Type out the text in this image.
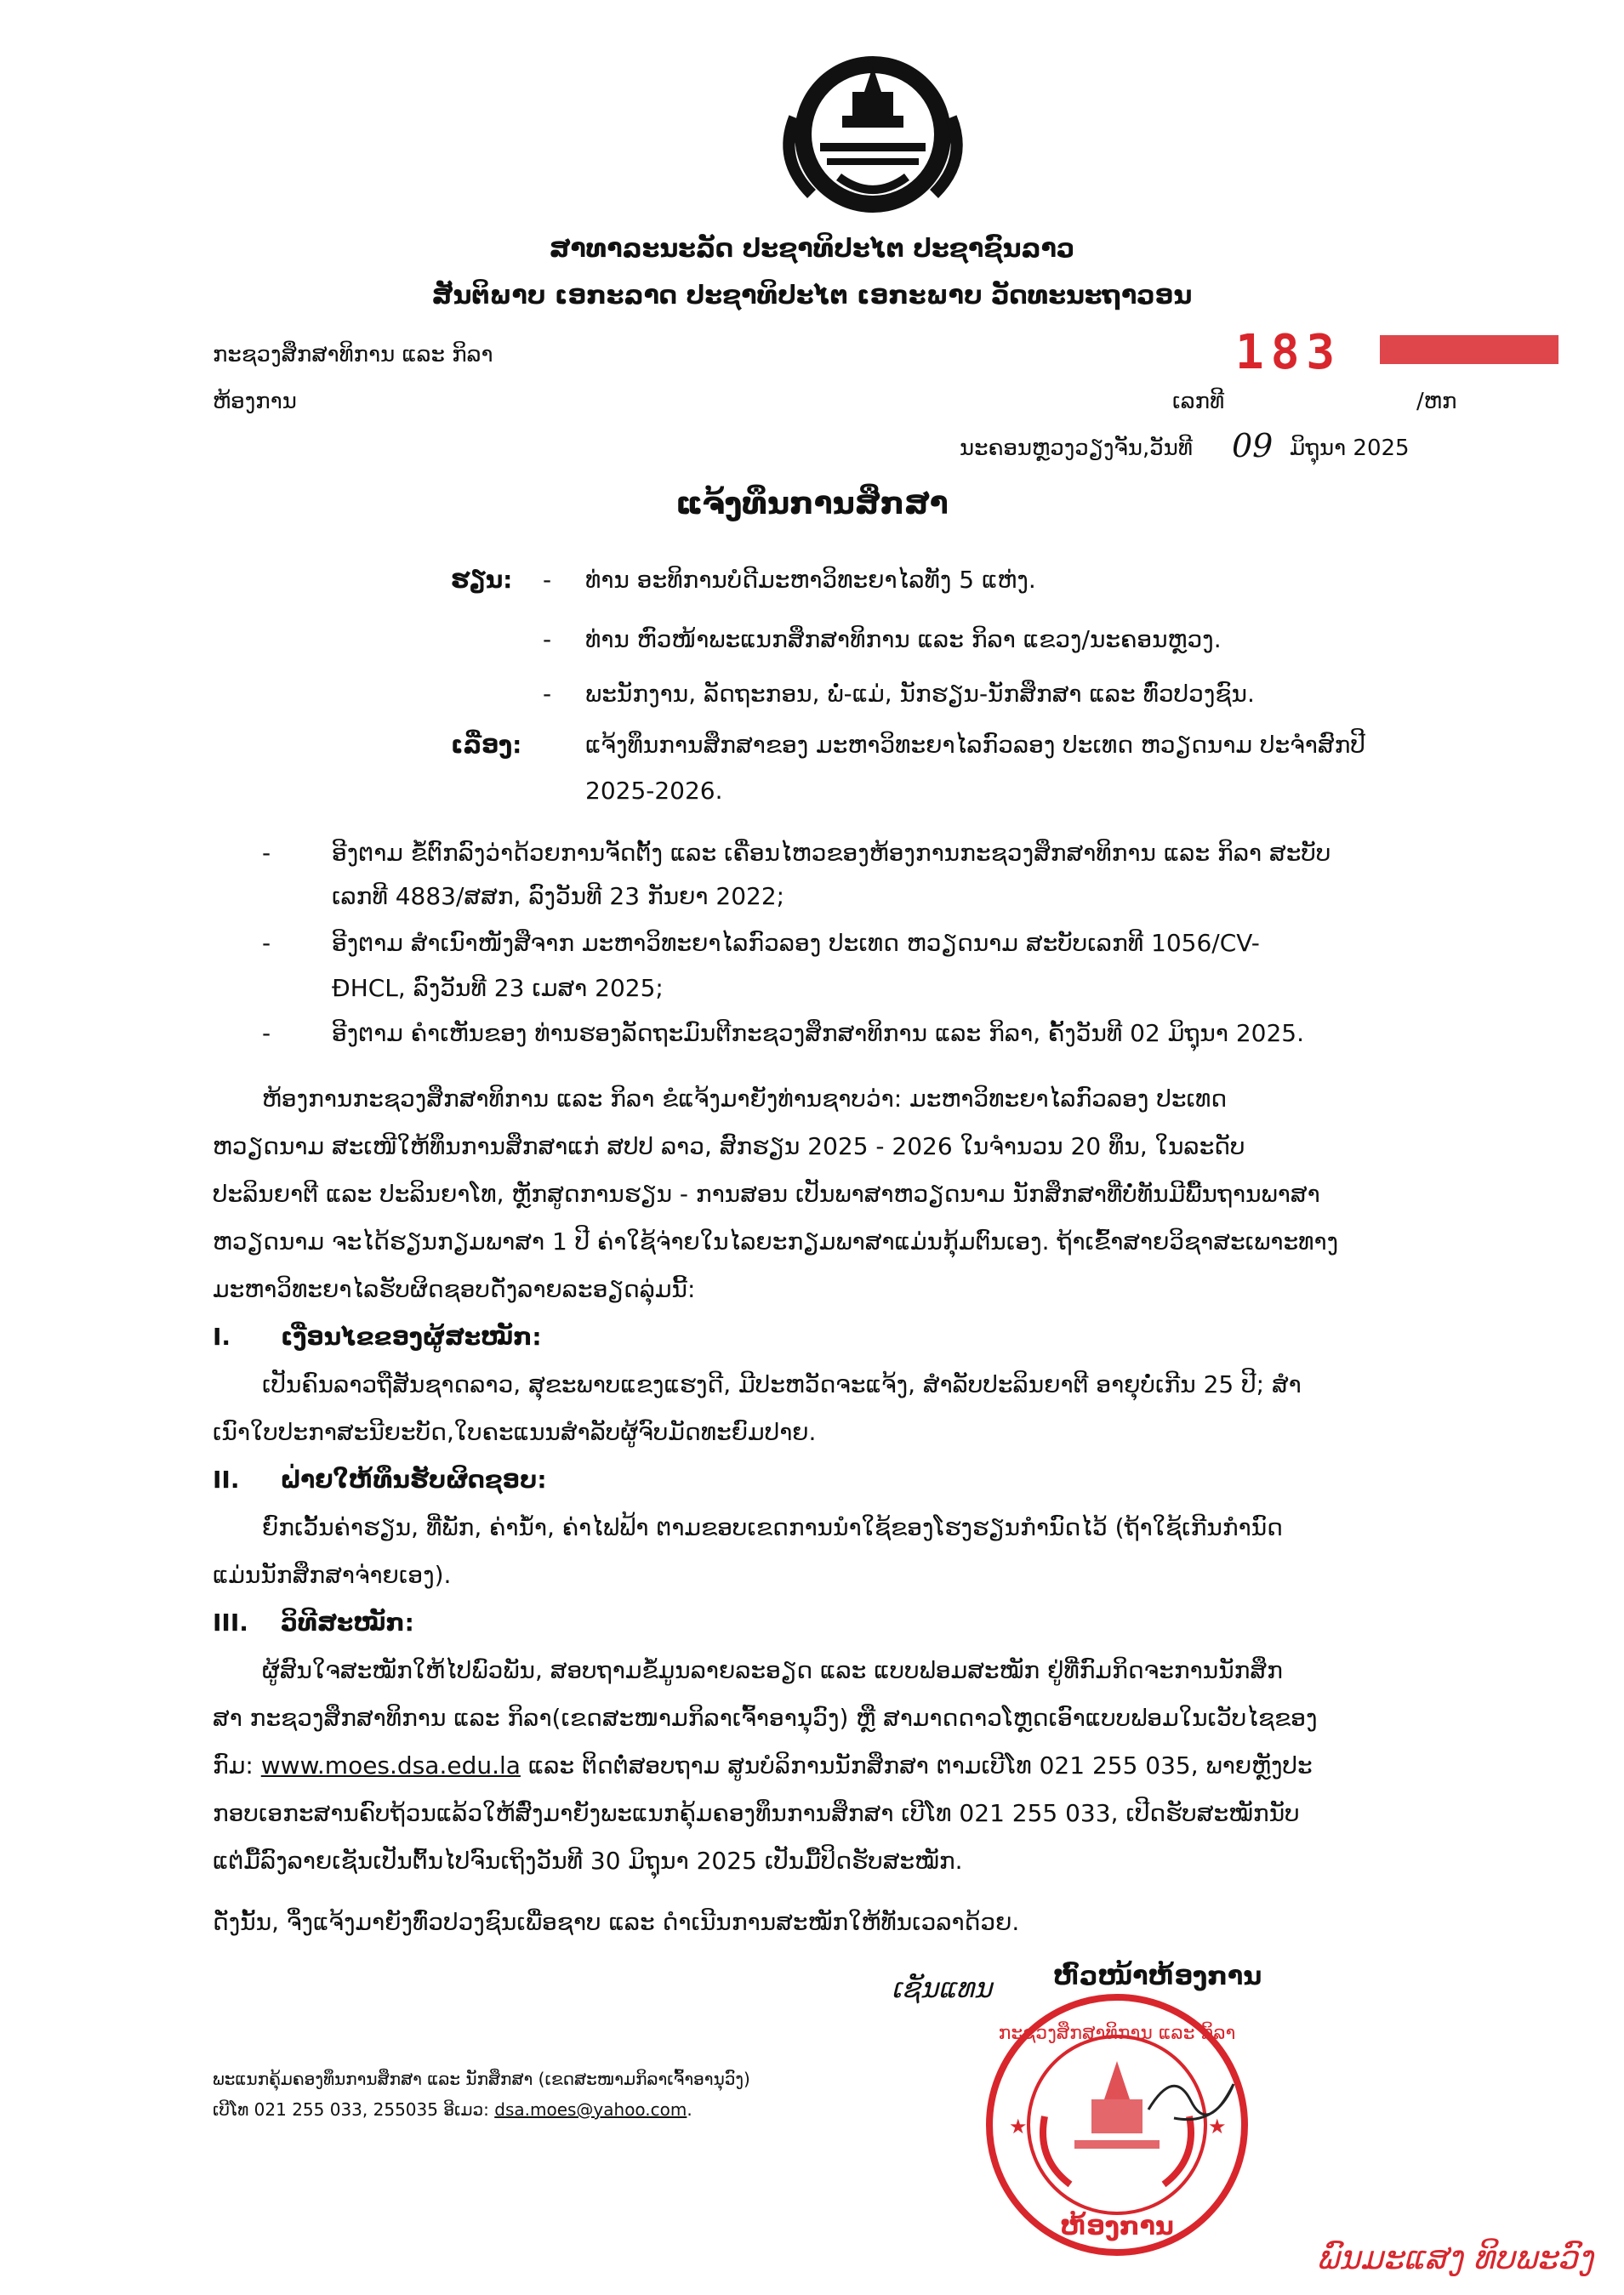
ສາທາລະນະລັດ ປະຊາທິປະໄຕ ປະຊາຊົນລາວ
ສັນຕິພາບ ເອກະລາດ ປະຊາທິປະໄຕ ເອກະພາບ ວັດທະນະຖາວອນ
ກະຊວງສຶກສາທິການ ແລະ ກິລາ
ຫ້ອງການ
183
ເລກທີ	/ຫກ
ນະຄອນຫຼວງວຽງຈັນ,ວັນທີ 09 ມິຖຸນາ 2025
ແຈ້ງທຶນການສຶກສາ
ຮຽນ: - ທ່ານ ອະທິການບໍດີມະຫາວິທະຍາໄລທັງ 5 ແຫ່ງ.
- ທ່ານ ຫົວໜ້າພະແນກສຶກສາທິການ ແລະ ກິລາ ແຂວງ/ນະຄອນຫຼວງ.
- ພະນັກງານ, ລັດຖະກອນ, ພໍ່-ແມ່, ນັກຮຽນ-ນັກສຶກສາ ແລະ ທົ່ວປວງຊົນ.
ເລື່ອງ:	ແຈ້ງທຶນການສຶກສາຂອງ ມະຫາວິທະຍາໄລກົວລອງ ປະເທດ ຫວຽດນາມ ປະຈຳສົກປີ
2025-2026.
-	ອີງຕາມ ຂໍ້ຕົກລົງວ່າດ້ວຍການຈັດຕັ້ງ ແລະ ເຄື່ອນໄຫວຂອງຫ້ອງການກະຊວງສຶກສາທິການ ແລະ ກິລາ ສະບັບ
ເລກທີ 4883/ສສກ, ລົງວັນທີ 23 ກັນຍາ 2022;
-	ອີງຕາມ ສຳເນົາໜັງສືຈາກ ມະຫາວິທະຍາໄລກົວລອງ ປະເທດ ຫວຽດນາມ ສະບັບເລກທີ 1056/CV-
ĐHCL, ລົງວັນທີ 23 ເມສາ 2025;
-	ອີງຕາມ ຄຳເຫັນຂອງ ທ່ານຮອງລັດຖະມົນຕີກະຊວງສຶກສາທິການ ແລະ ກິລາ, ຄັ້ງວັນທີ 02 ມິຖຸນາ 2025.
ຫ້ອງການກະຊວງສຶກສາທິການ ແລະ ກິລາ ຂໍແຈ້ງມາຍັງທ່ານຊາບວ່າ: ມະຫາວິທະຍາໄລກົວລອງ ປະເທດ
ຫວຽດນາມ ສະເໜີໃຫ້ທຶນການສຶກສາແກ່ ສປປ ລາວ, ສົກຮຽນ 2025 - 2026 ໃນຈຳນວນ 20 ທຶນ, ໃນລະດັບ
ປະລິນຍາຕີ ແລະ ປະລິນຍາໂທ, ຫຼັກສູດການຮຽນ - ການສອນ ເປັນພາສາຫວຽດນາມ ນັກສຶກສາທີ່ບໍ່ທັນມີພື້ນຖານພາສາ
ຫວຽດນາມ ຈະໄດ້ຮຽນກຽມພາສາ 1 ປີ ຄ່າໃຊ້ຈ່າຍໃນໄລຍະກຽມພາສາແມ່ນກຸ້ມຕົນເອງ. ຖ້າເຂົ້າສາຍວິຊາສະເພາະທາງ
ມະຫາວິທະຍາໄລຮັບຜິດຊອບດັ່ງລາຍລະອຽດລຸ່ມນີ້:
I. ເງື່ອນໄຂຂອງຜູ້ສະໝັກ:
ເປັນຄົນລາວຖືສັນຊາດລາວ, ສຸຂະພາບແຂງແຮງດີ, ມີປະຫວັດຈະແຈ້ງ, ສຳລັບປະລິນຍາຕີ ອາຍຸບໍ່ເກີນ 25 ປີ; ສຳ
ເນົາໃບປະກາສະນີຍະບັດ,ໃບຄະແນນສຳລັບຜູ້ຈົບມັດທະຍົມປາຍ.
II. ຝ່າຍໃຫ້ທຶນຮັບຜິດຊອບ:
ຍົກເວັ້ນຄ່າຮຽນ, ທີ່ພັກ, ຄ່ານ້ຳ, ຄ່າໄຟຟ້າ ຕາມຂອບເຂດການນຳໃຊ້ຂອງໂຮງຮຽນກຳນົດໄວ້ (ຖ້າໃຊ້ເກີນກຳນົດ
ແມ່ນນັກສຶກສາຈ່າຍເອງ).
III. ວິທີສະໝັກ:
ຜູ້ສົນໃຈສະໝັກໃຫ້ໄປພົວພັນ, ສອບຖາມຂໍ້ມູນລາຍລະອຽດ ແລະ ແບບຟອມສະໝັກ ຢູ່ທີ່ກົມກິດຈະການນັກສຶກ
ສາ ກະຊວງສຶກສາທິການ ແລະ ກິລາ(ເຂດສະໜາມກິລາເຈົ້າອານຸວົງ) ຫຼື ສາມາດດາວໂຫຼດເອົາແບບຟອມໃນເວັບໄຊຂອງ
ກົມ: www.moes.dsa.edu.la ແລະ ຕິດຕໍ່ສອບຖາມ ສູນບໍລິການນັກສຶກສາ ຕາມເບີໂທ 021 255 035, ພາຍຫຼັງປະ
ກອບເອກະສານຄົບຖ້ວນແລ້ວໃຫ້ສົ່ງມາຍັງພະແນກຄຸ້ມຄອງທຶນການສຶກສາ ເບີໂທ 021 255 033, ເປີດຮັບສະໝັກນັບ
ແຕ່ມື້ລົງລາຍເຊັນເປັນຕົ້ນໄປຈົນເຖິງວັນທີ 30 ມິຖຸນາ 2025 ເປັນມື້ປິດຮັບສະໝັກ.
ດັ່ງນັ້ນ, ຈຶ່ງແຈ້ງມາຍັງທົ່ວປວງຊົນເພື່ອຊາບ ແລະ ດຳເນີນການສະໝັກໃຫ້ທັນເວລາດ້ວຍ.
ເຊັນແທນ ຫົວໜ້າຫ້ອງການ
★	★
ກະຊວງສຶກສາທິການ ແລະ ກິລາ
ຫ້ອງການ
ພົນມະແສງ ທິບພະວົງ
ພະແນກຄຸ້ມຄອງທຶນການສຶກສາ ແລະ ນັກສຶກສາ (ເຂດສະໜາມກິລາເຈົ້າອານຸວົງ)
ເບີໂທ 021 255 033, 255035 ອີເມວ: dsa.moes@yahoo.com.
